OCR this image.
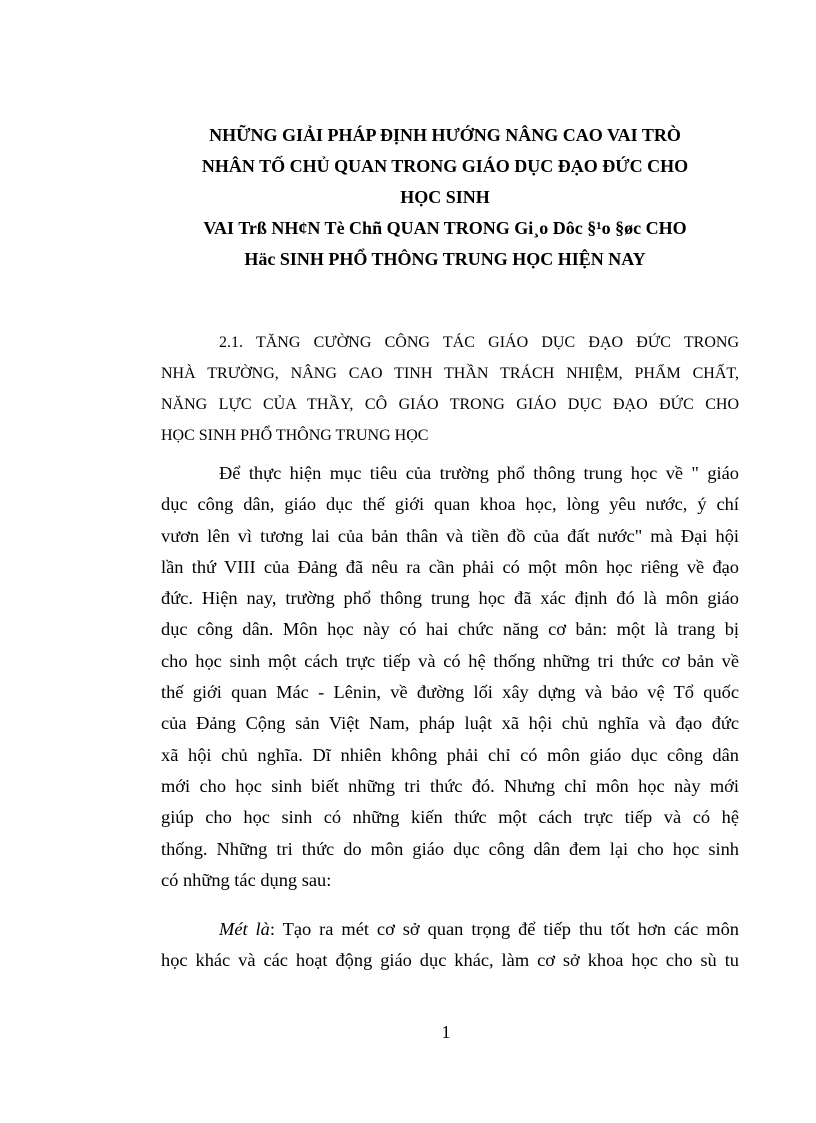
NHỮNG GIẢI PHÁP ĐỊNH HƯỚNG NÂNG CAO VAI TRÒ
NHÂN TỐ CHỦ QUAN TRONG GIÁO DỤC ĐẠO ĐỨC CHO
HỌC SINH
VAI Trß NH¢N Tè Chñ QUAN TRONG Gi¸o Dôc §¹o §øc CHO
Häc SINH PHỔ THÔNG TRUNG HỌC HIỆN NAY
2.1. TĂNG CƯỜNG CÔNG TÁC GIÁO DỤC ĐẠO ĐỨC TRONG
NHÀ TRƯỜNG, NÂNG CAO TINH THẦN TRÁCH NHIỆM, PHẨM CHẤT,
NĂNG LỰC CỦA THẦY, CÔ GIÁO TRONG GIÁO DỤC ĐẠO ĐỨC CHO
HỌC SINH PHỔ THÔNG TRUNG HỌC
Để thực hiện mục tiêu của trường phổ thông trung học về " giáo
dục công dân, giáo dục thế giới quan khoa học, lòng yêu nước, ý chí
vươn lên vì tương lai của bản thân và tiền đồ của đất nước" mà Đại hội
lần thứ VIII của Đảng đã nêu ra cần phải có một môn học riêng về đạo
đức. Hiện nay, trường phổ thông trung học đã xác định đó là môn giáo
dục công dân. Môn học này có hai chức năng cơ bản: một là trang bị
cho học sinh một cách trực tiếp và có hệ thống những tri thức cơ bản về
thế giới quan Mác - Lênin, về đường lối xây dựng và bảo vệ Tổ quốc
của Đảng Cộng sản Việt Nam, pháp luật xã hội chủ nghĩa và đạo đức
xã hội chủ nghĩa. Dĩ nhiên không phải chỉ có môn giáo dục công dân
mới cho học sinh biết những tri thức đó. Nhưng chỉ môn học này mới
giúp cho học sinh có những kiến thức một cách trực tiếp và có hệ
thống. Những tri thức do môn giáo dục công dân đem lại cho học sinh
có những tác dụng sau:
Mét là: Tạo ra mét cơ sở quan trọng để tiếp thu tốt hơn các môn
học khác và các hoạt động giáo dục khác, làm cơ sở khoa học cho sù tu
1
